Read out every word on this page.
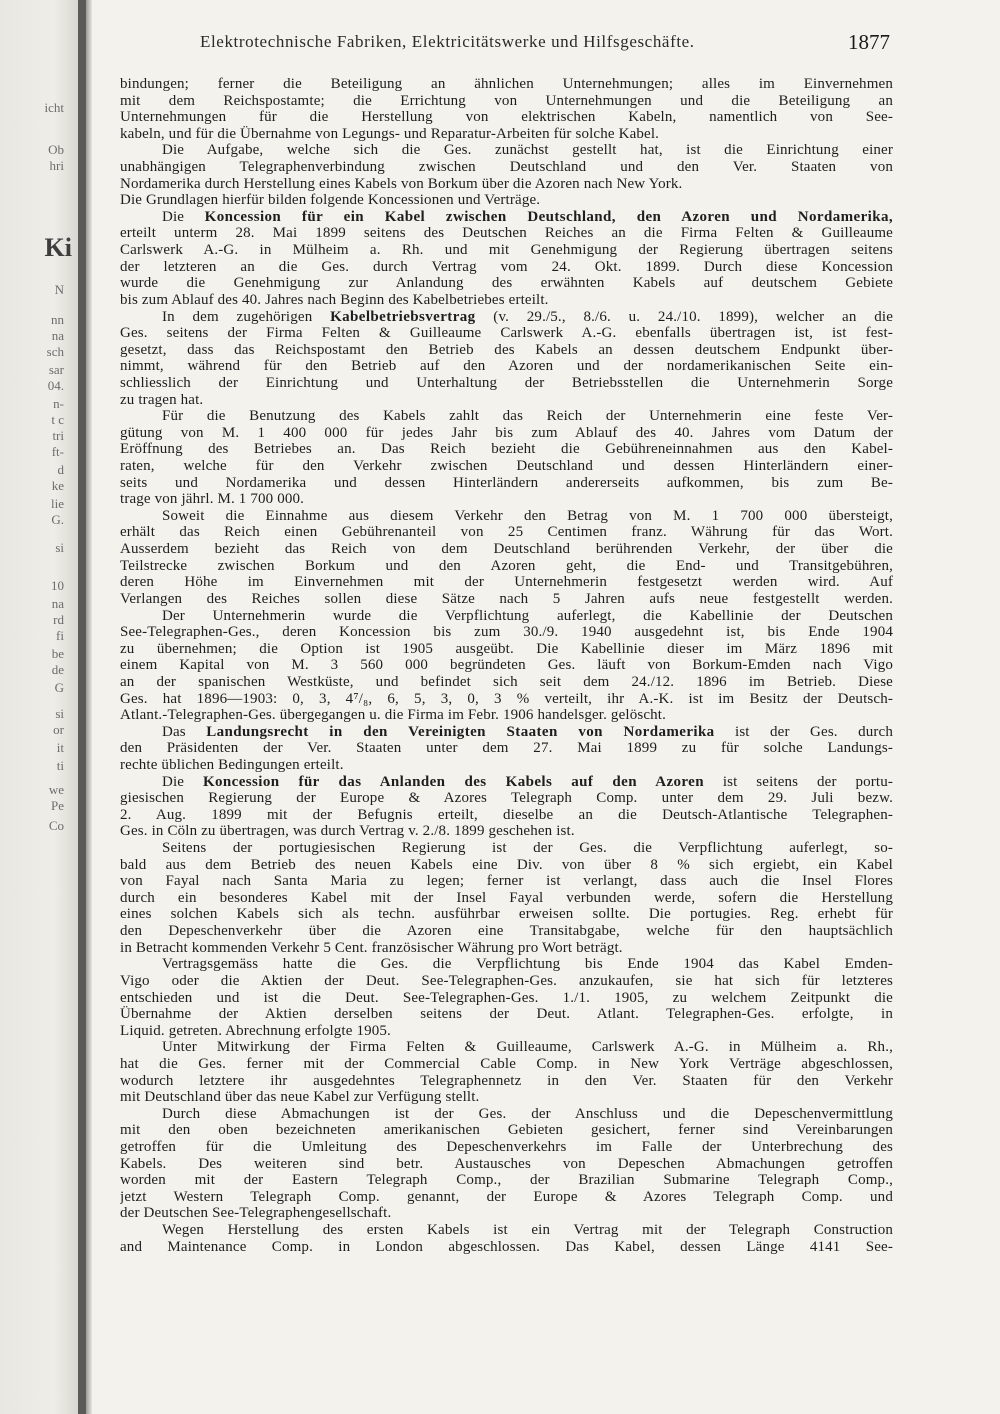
icht
Ob
hri
Ki
N
nn
na
sch
sar
04.
n-
t c
tri
ft-
d
ke
lie
G.
si
10
na
rd
fi
be
de
G
si
or
it
ti
we
Pe
Co
Elektrotechnische Fabriken, Elektricitätswerke und Hilfsgeschäfte.	1877
bindungen; ferner die Beteiligung an ähnlichen Unternehmungen; alles im Einvernehmen
mit dem Reichspostamte; die Errichtung von Unternehmungen und die Beteiligung an
Unternehmungen für die Herstellung von elektrischen Kabeln, namentlich von See-
kabeln, und für die Übernahme von Legungs- und Reparatur-Arbeiten für solche Kabel.
Die Aufgabe, welche sich die Ges. zunächst gestellt hat, ist die Einrichtung einer
unabhängigen Telegraphenverbindung zwischen Deutschland und den Ver. Staaten von
Nordamerika durch Herstellung eines Kabels von Borkum über die Azoren nach New York.
Die Grundlagen hierfür bilden folgende Koncessionen und Verträge.
Die Koncession für ein Kabel zwischen Deutschland, den Azoren und Nordamerika,
erteilt unterm 28. Mai 1899 seitens des Deutschen Reiches an die Firma Felten & Guilleaume
Carlswerk A.-G. in Mülheim a. Rh. und mit Genehmigung der Regierung übertragen seitens
der letzteren an die Ges. durch Vertrag vom 24. Okt. 1899. Durch diese Koncession
wurde die Genehmigung zur Anlandung des erwähnten Kabels auf deutschem Gebiete
bis zum Ablauf des 40. Jahres nach Beginn des Kabelbetriebes erteilt.
In dem zugehörigen Kabelbetriebsvertrag (v. 29./5., 8./6. u. 24./10. 1899), welcher an die
Ges. seitens der Firma Felten & Guilleaume Carlswerk A.-G. ebenfalls übertragen ist, ist fest-
gesetzt, dass das Reichspostamt den Betrieb des Kabels an dessen deutschem Endpunkt über-
nimmt, während für den Betrieb auf den Azoren und der nordamerikanischen Seite ein-
schliesslich der Einrichtung und Unterhaltung der Betriebsstellen die Unternehmerin Sorge
zu tragen hat.
Für die Benutzung des Kabels zahlt das Reich der Unternehmerin eine feste Ver-
gütung von M. 1 400 000 für jedes Jahr bis zum Ablauf des 40. Jahres vom Datum der
Eröffnung des Betriebes an. Das Reich bezieht die Gebühreneinnahmen aus den Kabel-
raten, welche für den Verkehr zwischen Deutschland und dessen Hinterländern einer-
seits und Nordamerika und dessen Hinterländern andererseits aufkommen, bis zum Be-
trage von jährl. M. 1 700 000.
Soweit die Einnahme aus diesem Verkehr den Betrag von M. 1 700 000 übersteigt,
erhält das Reich einen Gebührenanteil von 25 Centimen franz. Währung für das Wort.
Ausserdem bezieht das Reich von dem Deutschland berührenden Verkehr, der über die
Teilstrecke zwischen Borkum und den Azoren geht, die End- und Transitgebühren,
deren Höhe im Einvernehmen mit der Unternehmerin festgesetzt werden wird. Auf
Verlangen des Reiches sollen diese Sätze nach 5 Jahren aufs neue festgestellt werden.
Der Unternehmerin wurde die Verpflichtung auferlegt, die Kabellinie der Deutschen
See-Telegraphen-Ges., deren Koncession bis zum 30./9. 1940 ausgedehnt ist, bis Ende 1904
zu übernehmen; die Option ist 1905 ausgeübt. Die Kabellinie dieser im März 1896 mit
einem Kapital von M. 3 560 000 begründeten Ges. läuft von Borkum-Emden nach Vigo
an der spanischen Westküste, und befindet sich seit dem 24./12. 1896 im Betrieb. Diese
Ges. hat 1896—1903: 0, 3, 4⁷/₈, 6, 5, 3, 0, 3 % verteilt, ihr A.-K. ist im Besitz der Deutsch-
Atlant.-Telegraphen-Ges. übergegangen u. die Firma im Febr. 1906 handelsger. gelöscht.
Das Landungsrecht in den Vereinigten Staaten von Nordamerika ist der Ges. durch
den Präsidenten der Ver. Staaten unter dem 27. Mai 1899 zu für solche Landungs-
rechte üblichen Bedingungen erteilt.
Die Koncession für das Anlanden des Kabels auf den Azoren ist seitens der portu-
giesischen Regierung der Europe & Azores Telegraph Comp. unter dem 29. Juli bezw.
2. Aug. 1899 mit der Befugnis erteilt, dieselbe an die Deutsch-Atlantische Telegraphen-
Ges. in Cöln zu übertragen, was durch Vertrag v. 2./8. 1899 geschehen ist.
Seitens der portugiesischen Regierung ist der Ges. die Verpflichtung auferlegt, so-
bald aus dem Betrieb des neuen Kabels eine Div. von über 8 % sich ergiebt, ein Kabel
von Fayal nach Santa Maria zu legen; ferner ist verlangt, dass auch die Insel Flores
durch ein besonderes Kabel mit der Insel Fayal verbunden werde, sofern die Herstellung
eines solchen Kabels sich als techn. ausführbar erweisen sollte. Die portugies. Reg. erhebt für
den Depeschenverkehr über die Azoren eine Transitabgabe, welche für den hauptsächlich
in Betracht kommenden Verkehr 5 Cent. französischer Währung pro Wort beträgt.
Vertragsgemäss hatte die Ges. die Verpflichtung bis Ende 1904 das Kabel Emden-
Vigo oder die Aktien der Deut. See-Telegraphen-Ges. anzukaufen, sie hat sich für letzteres
entschieden und ist die Deut. See-Telegraphen-Ges. 1./1. 1905, zu welchem Zeitpunkt die
Übernahme der Aktien derselben seitens der Deut. Atlant. Telegraphen-Ges. erfolgte, in
Liquid. getreten. Abrechnung erfolgte 1905.
Unter Mitwirkung der Firma Felten & Guilleaume, Carlswerk A.-G. in Mülheim a. Rh.,
hat die Ges. ferner mit der Commercial Cable Comp. in New York Verträge abgeschlossen,
wodurch letztere ihr ausgedehntes Telegraphennetz in den Ver. Staaten für den Verkehr
mit Deutschland über das neue Kabel zur Verfügung stellt.
Durch diese Abmachungen ist der Ges. der Anschluss und die Depeschenvermittlung
mit den oben bezeichneten amerikanischen Gebieten gesichert, ferner sind Vereinbarungen
getroffen für die Umleitung des Depeschenverkehrs im Falle der Unterbrechung des
Kabels. Des weiteren sind betr. Austausches von Depeschen Abmachungen getroffen
worden mit der Eastern Telegraph Comp., der Brazilian Submarine Telegraph Comp.,
jetzt Western Telegraph Comp. genannt, der Europe & Azores Telegraph Comp. und
der Deutschen See-Telegraphengesellschaft.
Wegen Herstellung des ersten Kabels ist ein Vertrag mit der Telegraph Construction
and Maintenance Comp. in London abgeschlossen. Das Kabel, dessen Länge 4141 See-
